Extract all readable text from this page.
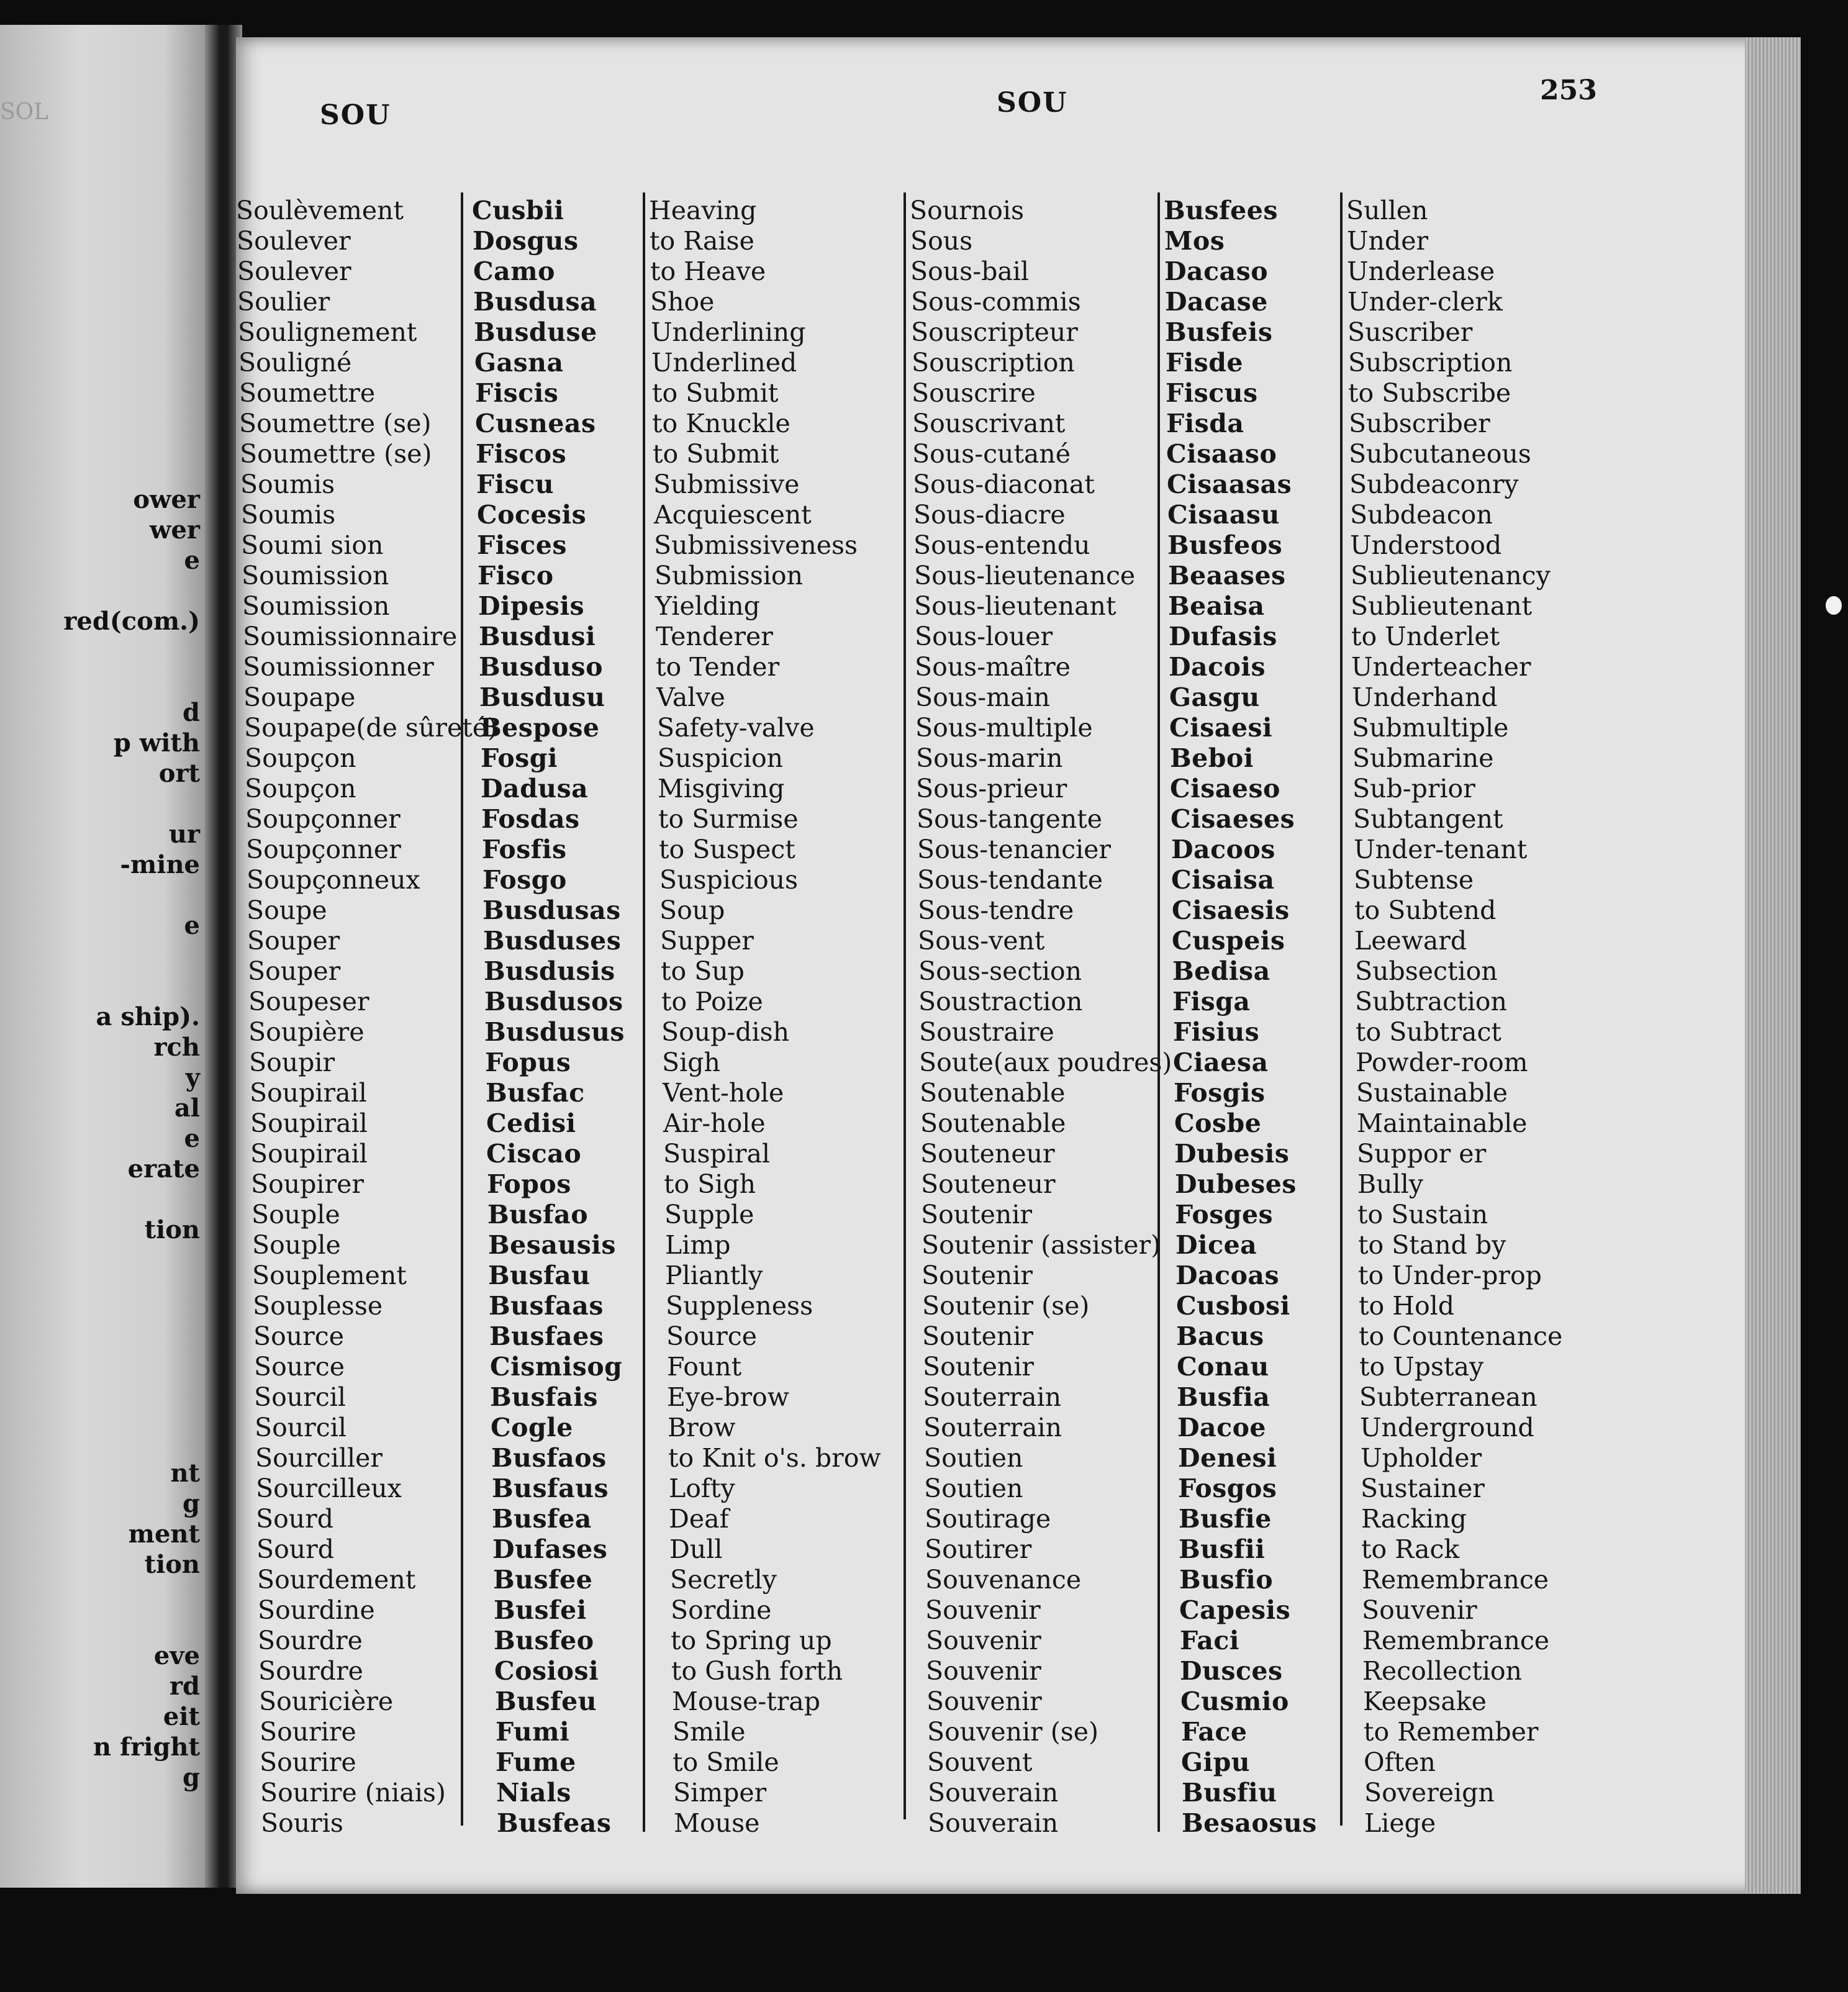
SOL
ower
wer
e
red(com.)
d
p with
ort
ur
-mine
e
a ship).
rch
y
al
e
erate
tion
nt
g
ment
tion
eve
rd
eit
n fright
g
SOU	SOU	253
Soulèvement
Soulever
Soulever
Soulier
Soulignement
Souligné
Soumettre
Soumettre (se)
Soumettre (se)
Soumis
Soumis
Soumi sion
Soumission
Soumission
Soumissionnaire
Soumissionner
Soupape
Soupape(de sûreté)
Soupçon
Soupçon
Soupçonner
Soupçonner
Soupçonneux
Soupe
Souper
Souper
Soupeser
Soupière
Soupir
Soupirail
Soupirail
Soupirail
Soupirer
Souple
Souple
Souplement
Souplesse
Source
Source
Sourcil
Sourcil
Sourciller
Sourcilleux
Sourd
Sourd
Sourdement
Sourdine
Sourdre
Sourdre
Souricière
Sourire
Sourire
Sourire (niais)
Souris
Cusbii
Dosgus
Camo
Busdusa
Busduse
Gasna
Fiscis
Cusneas
Fiscos
Fiscu
Cocesis
Fisces
Fisco
Dipesis
Busdusi
Busduso
Busdusu
Bespose
Fosgi
Dadusa
Fosdas
Fosfis
Fosgo
Busdusas
Busduses
Busdusis
Busdusos
Busdusus
Fopus
Busfac
Cedisi
Ciscao
Fopos
Busfao
Besausis
Busfau
Busfaas
Busfaes
Cismisog
Busfais
Cogle
Busfaos
Busfaus
Busfea
Dufases
Busfee
Busfei
Busfeo
Cosiosi
Busfeu
Fumi
Fume
Nials
Busfeas
Heaving
to Raise
to Heave
Shoe
Underlining
Underlined
to Submit
to Knuckle
to Submit
Submissive
Acquiescent
Submissiveness
Submission
Yielding
Tenderer
to Tender
Valve
Safety-valve
Suspicion
Misgiving
to Surmise
to Suspect
Suspicious
Soup
Supper
to Sup
to Poize
Soup-dish
Sigh
Vent-hole
Air-hole
Suspiral
to Sigh
Supple
Limp
Pliantly
Suppleness
Source
Fount
Eye-brow
Brow
to Knit o's. brow
Lofty
Deaf
Dull
Secretly
Sordine
to Spring up
to Gush forth
Mouse-trap
Smile
to Smile
Simper
Mouse
Sournois
Sous
Sous-bail
Sous-commis
Souscripteur
Souscription
Souscrire
Souscrivant
Sous-cutané
Sous-diaconat
Sous-diacre
Sous-entendu
Sous-lieutenance
Sous-lieutenant
Sous-louer
Sous-maître
Sous-main
Sous-multiple
Sous-marin
Sous-prieur
Sous-tangente
Sous-tenancier
Sous-tendante
Sous-tendre
Sous-vent
Sous-section
Soustraction
Soustraire
Soute(aux poudres)
Soutenable
Soutenable
Souteneur
Souteneur
Soutenir
Soutenir (assister)
Soutenir
Soutenir (se)
Soutenir
Soutenir
Souterrain
Souterrain
Soutien
Soutien
Soutirage
Soutirer
Souvenance
Souvenir
Souvenir
Souvenir
Souvenir
Souvenir (se)
Souvent
Souverain
Souverain
Busfees
Mos
Dacaso
Dacase
Busfeis
Fisde
Fiscus
Fisda
Cisaaso
Cisaasas
Cisaasu
Busfeos
Beaases
Beaisa
Dufasis
Dacois
Gasgu
Cisaesi
Beboi
Cisaeso
Cisaeses
Dacoos
Cisaisa
Cisaesis
Cuspeis
Bedisa
Fisga
Fisius
Ciaesa
Fosgis
Cosbe
Dubesis
Dubeses
Fosges
Dicea
Dacoas
Cusbosi
Bacus
Conau
Busfia
Dacoe
Denesi
Fosgos
Busfie
Busfii
Busfio
Capesis
Faci
Dusces
Cusmio
Face
Gipu
Busfiu
Besaosus
Sullen
Under
Underlease
Under-clerk
Suscriber
Subscription
to Subscribe
Subscriber
Subcutaneous
Subdeaconry
Subdeacon
Understood
Sublieutenancy
Sublieutenant
to Underlet
Underteacher
Underhand
Submultiple
Submarine
Sub-prior
Subtangent
Under-tenant
Subtense
to Subtend
Leeward
Subsection
Subtraction
to Subtract
Powder-room
Sustainable
Maintainable
Suppor er
Bully
to Sustain
to Stand by
to Under-prop
to Hold
to Countenance
to Upstay
Subterranean
Underground
Upholder
Sustainer
Racking
to Rack
Remembrance
Souvenir
Remembrance
Recollection
Keepsake
to Remember
Often
Sovereign
Liege
